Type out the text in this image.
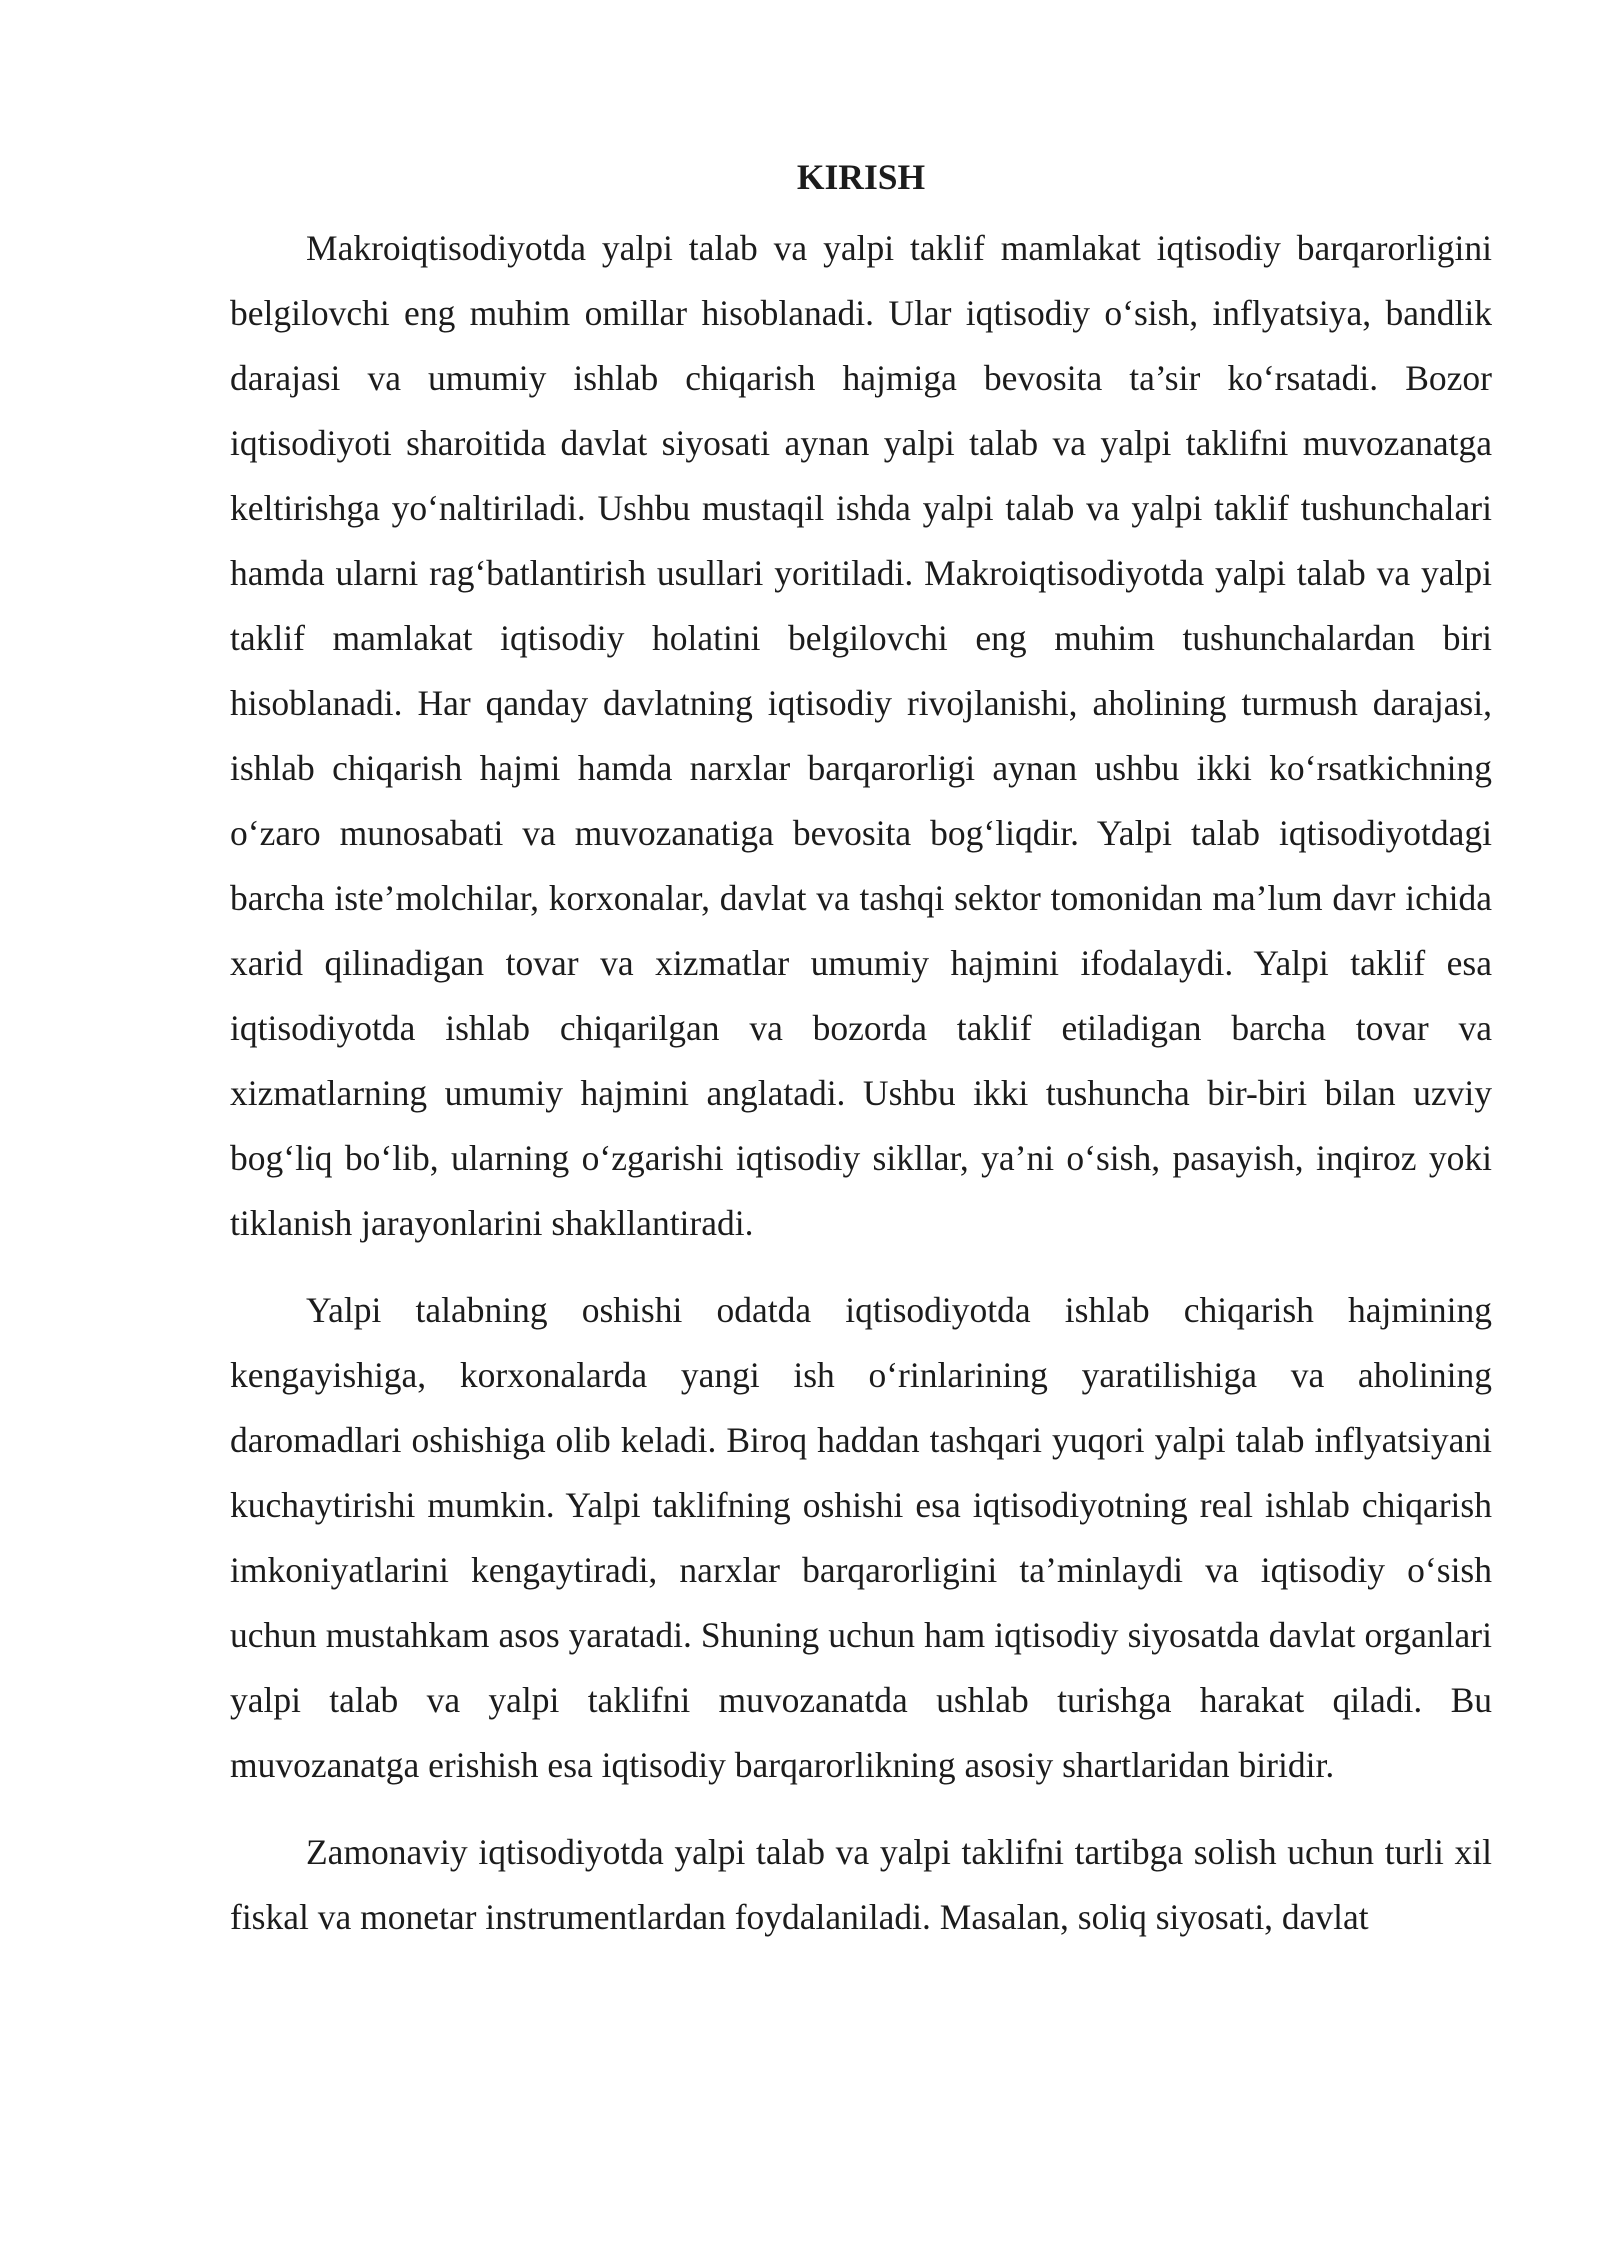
KIRISH

Makroiqtisodiyotda yalpi talab va yalpi taklif mamlakat iqtisodiy barqarorligini belgilovchi eng muhim omillar hisoblanadi. Ular iqtisodiy o‘sish, inflyatsiya, bandlik darajasi va umumiy ishlab chiqarish hajmiga bevosita ta’sir ko‘rsatadi. Bozor iqtisodiyoti sharoitida davlat siyosati aynan yalpi talab va yalpi taklifni muvozanatga keltirishga yo‘naltiriladi. Ushbu mustaqil ishda yalpi talab va yalpi taklif tushunchalari hamda ularni rag‘batlantirish usullari yoritiladi. Makroiqtisodiyotda yalpi talab va yalpi taklif mamlakat iqtisodiy holatini belgilovchi eng muhim tushunchalardan biri hisoblanadi. Har qanday davlatning iqtisodiy rivojlanishi, aholining turmush darajasi, ishlab chiqarish hajmi hamda narxlar barqarorligi aynan ushbu ikki ko‘rsatkichning o‘zaro munosabati va muvozanatiga bevosita bog‘liqdir. Yalpi talab iqtisodiyotdagi barcha iste’molchilar, korxonalar, davlat va tashqi sektor tomonidan ma’lum davr ichida xarid qilinadigan tovar va xizmatlar umumiy hajmini ifodalaydi. Yalpi taklif esa iqtisodiyotda ishlab chiqarilgan va bozorda taklif etiladigan barcha tovar va xizmatlarning umumiy hajmini anglatadi. Ushbu ikki tushuncha bir-biri bilan uzviy bog‘liq bo‘lib, ularning o‘zgarishi iqtisodiy sikllar, ya’ni o‘sish, pasayish, inqiroz yoki tiklanish jarayonlarini shakllantiradi.

Yalpi talabning oshishi odatda iqtisodiyotda ishlab chiqarish hajmining kengayishiga, korxonalarda yangi ish o‘rinlarining yaratilishiga va aholining daromadlari oshishiga olib keladi. Biroq haddan tashqari yuqori yalpi talab inflyatsiyani kuchaytirishi mumkin. Yalpi taklifning oshishi esa iqtisodiyotning real ishlab chiqarish imkoniyatlarini kengaytiradi, narxlar barqarorligini ta’minlaydi va iqtisodiy o‘sish uchun mustahkam asos yaratadi. Shuning uchun ham iqtisodiy siyosatda davlat organlari yalpi talab va yalpi taklifni muvozanatda ushlab turishga harakat qiladi. Bu muvozanatga erishish esa iqtisodiy barqarorlikning asosiy shartlaridan biridir.

Zamonaviy iqtisodiyotda yalpi talab va yalpi taklifni tartibga solish uchun turli xil fiskal va monetar instrumentlardan foydalaniladi. Masalan, soliq siyosati, davlat
